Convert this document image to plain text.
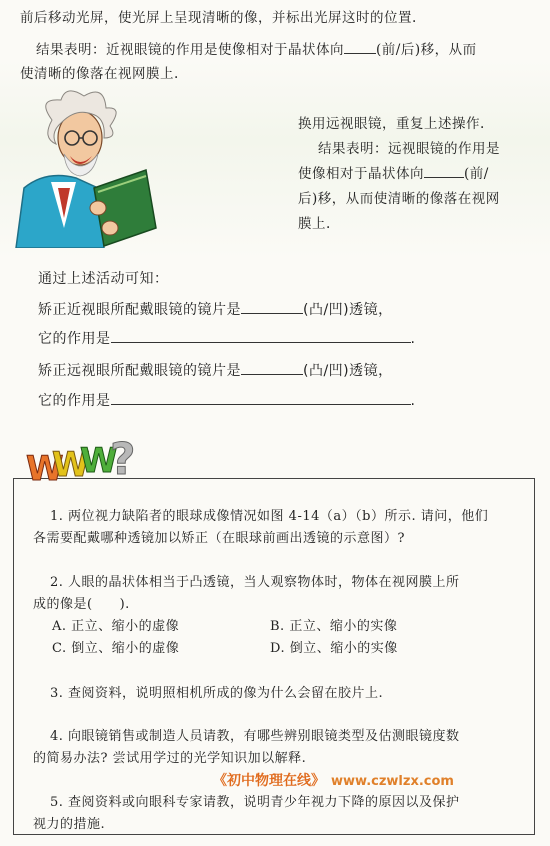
前后移动光屏，使光屏上呈现清晰的像，并标出光屏这时的位置.
结果表明：近视眼镜的作用是使像相对于晶状体向 (前/后)移，从而
使清晰的像落在视网膜上.
换用远视眼镜，重复上述操作.
结果表明：远视眼镜的作用是
使像相对于晶状体向	(前/
后)移，从而使清晰的像落在视网
膜上.
通过上述活动可知：
矫正近视眼所配戴眼镜的镜片是	(凸/凹)透镜，
它的作用是	.
矫正远视眼所配戴眼镜的镜片是	(凸/凹)透镜，
它的作用是	.
W
W
W
?
1. 两位视力缺陷者的眼球成像情况如图 4-14（a）（b）所示. 请问，他们
各需要配戴哪种透镜加以矫正（在眼球前画出透镜的示意图）?
2. 人眼的晶状体相当于凸透镜，当人观察物体时，物体在视网膜上所
成的像是(　　).
A. 正立、缩小的虚像	B. 正立、缩小的实像
C. 倒立、缩小的虚像	D. 倒立、缩小的实像
3. 查阅资料，说明照相机所成的像为什么会留在胶片上.
4. 向眼镜销售或制造人员请教，有哪些辨别眼镜类型及估测眼镜度数
的简易办法? 尝试用学过的光学知识加以解释.
5. 查阅资料或向眼科专家请教，说明青少年视力下降的原因以及保护
视力的措施.
《初中物理在线》 www.czwlzx.com
